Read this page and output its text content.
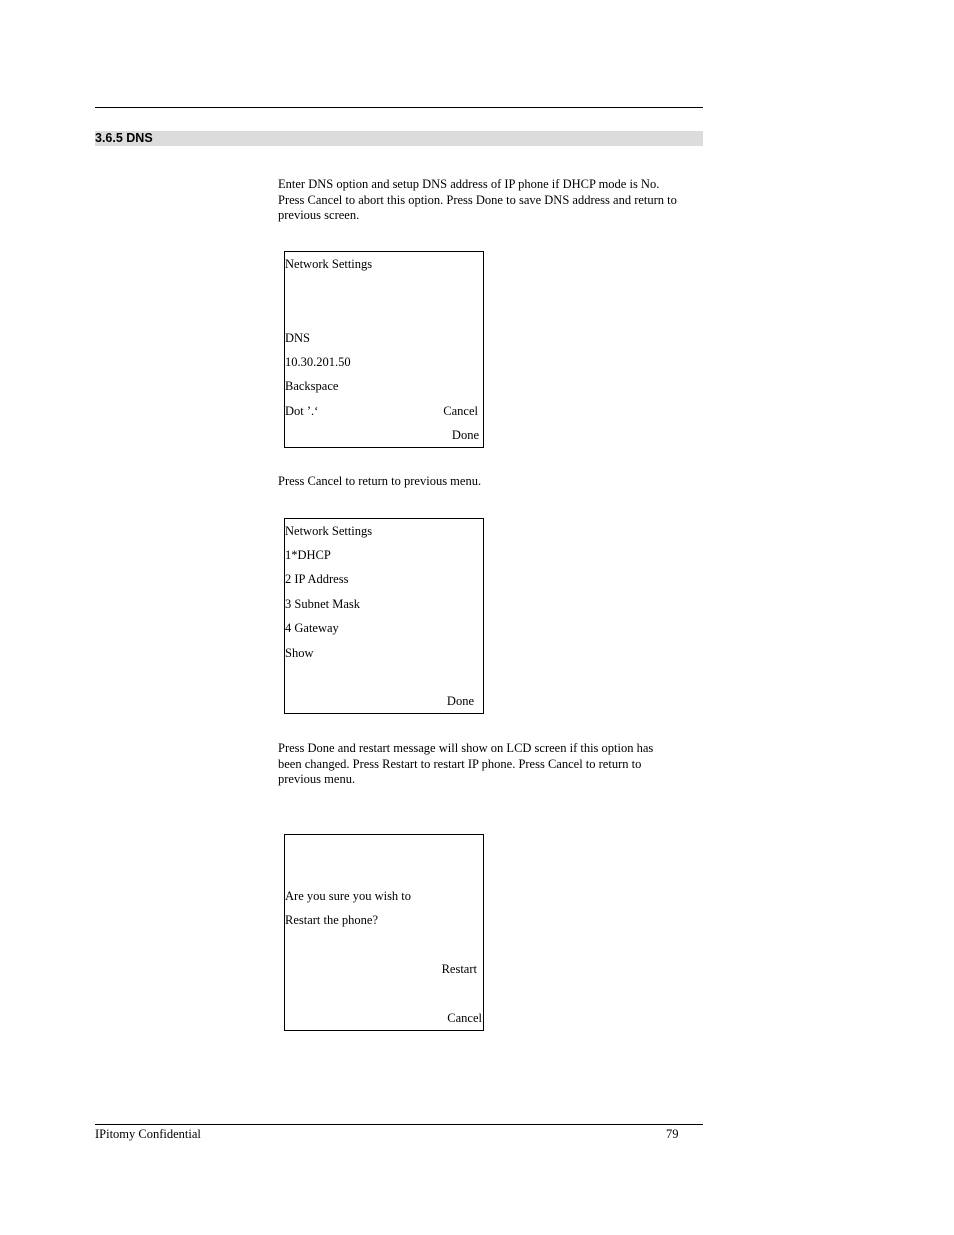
3.6.5 DNS
Enter DNS option and setup DNS address of IP phone if DHCP mode is No. Press Cancel to abort this option. Press Done to save DNS address and return to previous screen.
Network Settings
DNS
10.30.201.50
Backspace
Dot ’.‘	Cancel
Done
Press Cancel to return to previous menu.
Network Settings
1*DHCP
2 IP Address
3 Subnet Mask
4 Gateway
Show
Done
Press Done and restart message will show on LCD screen if this option has been changed. Press Restart to restart IP phone. Press Cancel to return to previous menu.
Are you sure you wish to
Restart the phone?
Restart
Cancel
IPitomy Confidential	79
